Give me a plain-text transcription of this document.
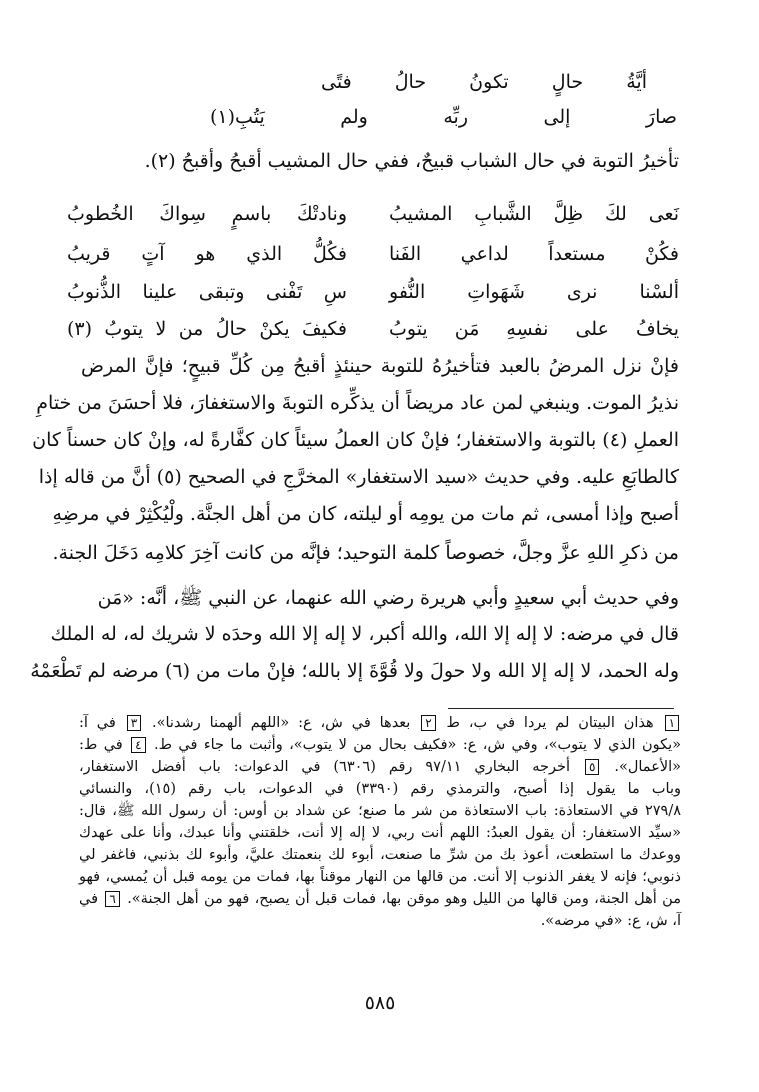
أيَّةُ حالٍ تكونُ حالُ فتًى
صارَ إلى ربِّه ولم يَتُبِ(١)
تأخيرُ التوبة في حال الشباب قبيحٌ، ففي حال المشيب أقبحُ وأقبحُ (٢).
نَعى لكَ ظِلَّ الشَّبابِ المشيبُ
ونادتْكَ باسمٍ سِواكَ الخُطوبُ
فكُنْ مستعداً لداعي الفَنا
فكُلُّ الذي هو آتٍ قريبُ
ألسْنا نرى شَهَواتِ النُّفو
سِ تَفْنى وتبقى علينا الذُّنوبُ
يخافُ على نفسِهِ مَن يتوبُ
فكيفَ يكنْ حالُ من لا يتوبُ (٣)
فإنْ نزل المرضُ بالعبد فتأخيرُهُ للتوبة حينئذٍ أقبحُ مِن كُلِّ قبيحٍ؛ فإنَّ المرض
نذيرُ الموت. وينبغي لمن عاد مريضاً أن يذكِّره التوبةَ والاستغفارَ، فلا أحسَنَ من ختامِ
العملِ (٤) بالتوبة والاستغفار؛ فإنْ كان العملُ سيئاً كان كفَّارةً له، وإنْ كان حسناً كان
كالطابَعِ عليه. وفي حديث «سيد الاستغفار» المخرَّجِ في الصحيح (٥) أنَّ من قاله إذا
أصبح وإذا أمسى، ثم مات من يومِه أو ليلته، كان من أهل الجنَّة. ولْيُكْثِرْ في مرضِهِ
من ذكرِ اللهِ عزَّ وجلَّ، خصوصاً كلمة التوحيد؛ فإنَّه من كانت آخِرَ كلامِه دَخَلَ الجنة.
وفي حديث أبي سعيدٍ وأبي هريرة رضي الله عنهما، عن النبي ﷺ، أنَّه: «مَن
قال في مرضه: لا إله إلا الله، والله أكبر، لا إله إلا الله وحدَه لا شريك له، له الملك
وله الحمد، لا إله إلا الله ولا حولَ ولا قُوَّةَ إلا بالله؛ فإنْ مات من (٦) مرضه لم تَطْعَمْهُ
١ هذان البيتان لم يردا في ب، ط ٢ بعدها في ش، ع: «اللهم ألهمنا رشدنا». ٣ في آ:
«يكون الذي لا يتوب»، وفي ش، ع: «فكيف بحال من لا يتوب»، وأثبت ما جاء في ط. ٤ في ط:
«الأعمال». ٥ أخرجه البخاري ٩٧/١١ رقم (٦٣٠٦) في الدعوات: باب أفضل الاستغفار،
وباب ما يقول إذا أصبح، والترمذي رقم (٣٣٩٠) في الدعوات، باب رقم (١٥)، والنسائي
٢٧٩/٨ في الاستعاذة: باب الاستعاذة من شر ما صنع؛ عن شداد بن أوس: أن رسول الله ﷺ، قال:
«سيِّد الاستغفار: أن يقول العبدُ: اللهم أنت ربي، لا إله إلا أنت، خلقتني وأنا عبدك، وأنا على عهدك
ووعدك ما استطعت، أعوذ بك من شرِّ ما صنعت، أبوء لك بنعمتك عليَّ، وأبوء لك بذنبي، فاغفر لي
ذنوبي؛ فإنه لا يغفر الذنوب إلا أنت. من قالها من النهار موقناً بها، فمات من يومه قبل أن يُمسي، فهو
من أهل الجنة، ومن قالها من الليل وهو موقن بها، فمات قبل أن يصبح، فهو من أهل الجنة». ٦ في
آ، ش، ع: «في مرضه».
٥٨٥
